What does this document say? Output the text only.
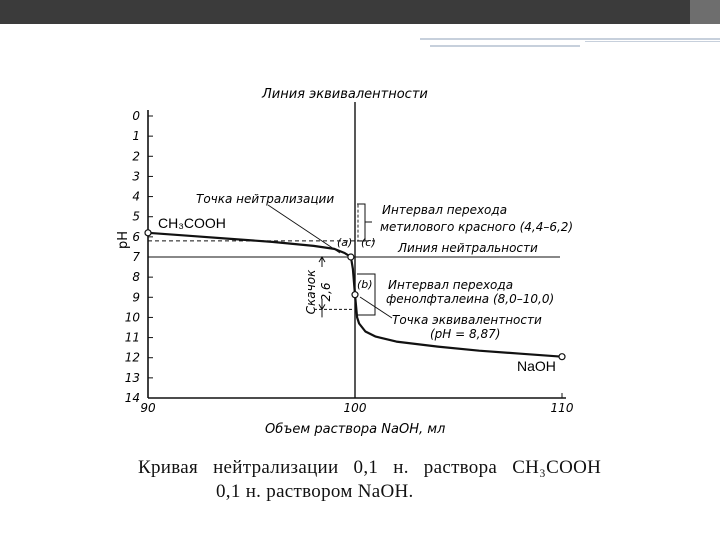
pH
Линия эквивалентности
Точка нейтрализации
CH₃COOH
NaOH
Интервал перехода
метилового красного (4,4–6,2)
Линия нейтральности
Интервал перехода
фенолфталеина (8,0–10,0)
Точка эквивалентности
(pH = 8,87)
Скачок 2,6
(a) (c)
(b)
Объем раствора NaOH, мл
0
1
2
3
4
5
6
7
8
9
10
11
12
13
14
90	100	110
Кривая нейтрализации 0,1 н. раствора CH₃COOH
0,1 н. раствором NaOH.
